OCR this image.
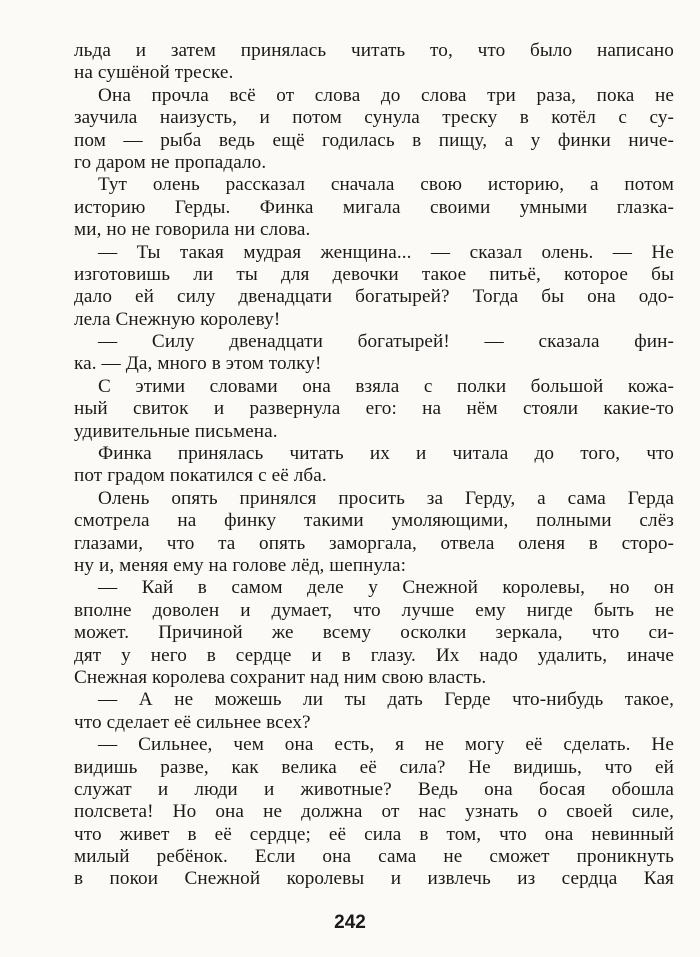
льда и затем принялась читать то, что было написано
на сушёной треске.
Она прочла всё от слова до слова три раза, пока не
заучила наизусть, и потом сунула треску в котёл с су-
пом — рыба ведь ещё годилась в пищу, а у финки ниче-
го даром не пропадало.
Тут олень рассказал сначала свою историю, а потом
историю Герды. Финка мигала своими умными глазка-
ми, но не говорила ни слова.
— Ты такая мудрая женщина... — сказал олень. — Не
изготовишь ли ты для девочки такое питьё, которое бы
дало ей силу двенадцати богатырей? Тогда бы она одо-
лела Снежную королеву!
— Силу двенадцати богатырей! — сказала фин-
ка. — Да, много в этом толку!
С этими словами она взяла с полки большой кожа-
ный свиток и развернула его: на нём стояли какие-то
удивительные письмена.
Финка принялась читать их и читала до того, что
пот градом покатился с её лба.
Олень опять принялся просить за Герду, а сама Герда
смотрела на финку такими умоляющими, полными слёз
глазами, что та опять заморгала, отвела оленя в сторо-
ну и, меняя ему на голове лёд, шепнула:
— Кай в самом деле у Снежной королевы, но он
вполне доволен и думает, что лучше ему нигде быть не
может. Причиной же всему осколки зеркала, что си-
дят у него в сердце и в глазу. Их надо удалить, иначе
Снежная королева сохранит над ним свою власть.
— А не можешь ли ты дать Герде что-нибудь такое,
что сделает её сильнее всех?
— Сильнее, чем она есть, я не могу её сделать. Не
видишь разве, как велика её сила? Не видишь, что ей
служат и люди и животные? Ведь она босая обошла
полсвета! Но она не должна от нас узнать о своей силе,
что живет в её сердце; её сила в том, что она невинный
милый ребёнок. Если она сама не сможет проникнуть
в покои Снежной королевы и извлечь из сердца Кая
242
